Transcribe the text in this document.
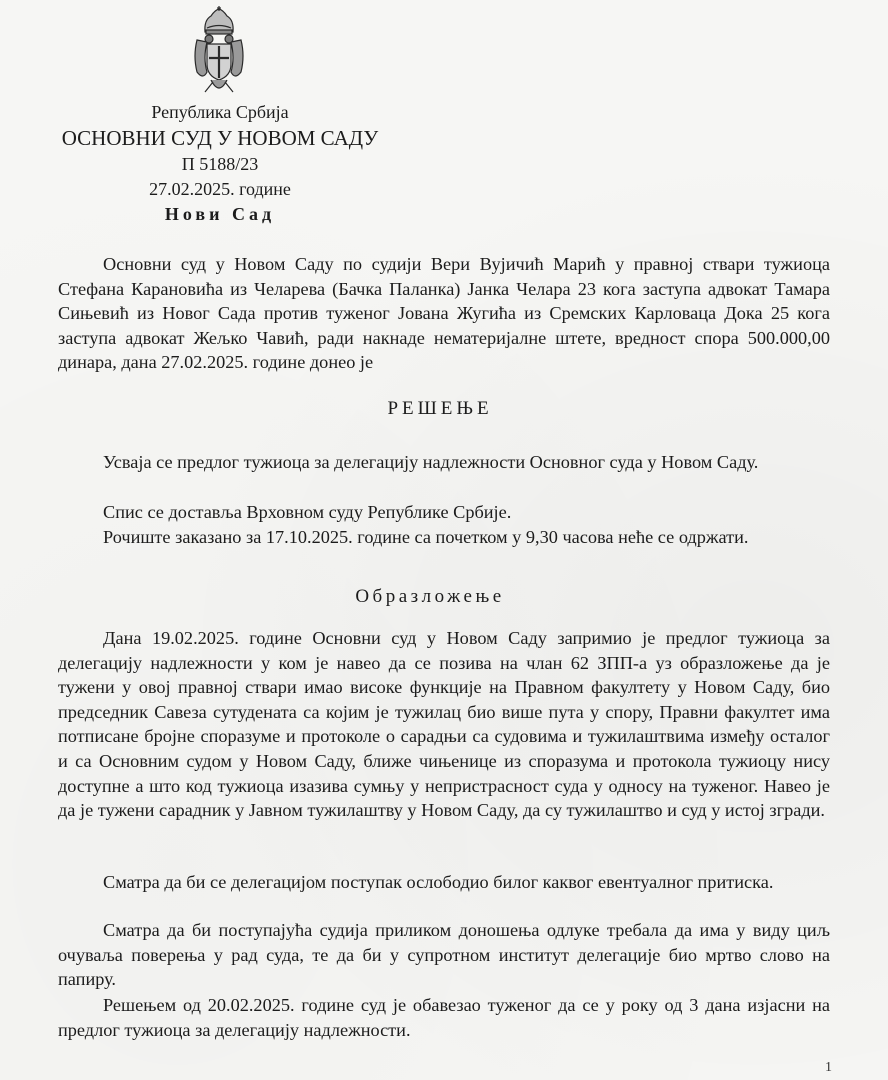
Република Србија
ОСНОВНИ СУД У НОВОМ САДУ
П 5188/23
27.02.2025. године
Нови Сад

Основни суд у Новом Саду по судији Вери Вујичић Марић у правној ствари тужиоца Стефана Карановића из Челарева (Бачка Паланка) Јанка Челара 23 кога заступа адвокат Тамара Сињевић из Новог Сада против туженог Јована Жугића из Сремских Карловаца Дока 25 кога заступа адвокат Жељко Чавић, ради накнаде нематеријалне штете, вредност спора 500.000,00 динара, дана 27.02.2025. године донео је

РЕШЕЊЕ

Усваја се предлог тужиоца за делегацију надлежности Основног суда у Новом Саду.

Спис се доставља Врховном суду Републике Србије.

Рочиште заказано за 17.10.2025. године са почетком у 9,30 часова неће се одржати.

Образложење

Дана 19.02.2025. године Основни суд у Новом Саду запримио је предлог тужиоца за делегацију надлежности у ком је навео да се позива на члан 62 ЗПП-а уз образложење да је тужени у овој правној ствари имао високе функције на Правном факултету у Новом Саду, био председник Савеза сутудената са којим је тужилац био више пута у спору, Правни факултет има потписане бројне споразуме и протоколе о сарадњи са судовима и тужилаштвима између осталог и са Основним судом у Новом Саду, ближе чињенице из споразума и протокола тужиоцу нису доступне а што код тужиоца изазива сумњу у непристрасност суда у односу на туженог. Навео је да је тужени сарадник у Јавном тужилаштву у Новом Саду, да су тужилаштво и суд у истој згради.

Сматра да би се делегацијом поступак ослободио билог каквог евентуалног притиска.

Сматра да би поступајућа судија приликом доношења одлуке требала да има у виду циљ очуваља поверења у рад суда, те да би у супротном институт делегације био мртво слово на папиру.

Решењем од 20.02.2025. године суд је обавезао туженог да се у року од 3 дана изјасни на предлог тужиоца за делегацију надлежности.

1
